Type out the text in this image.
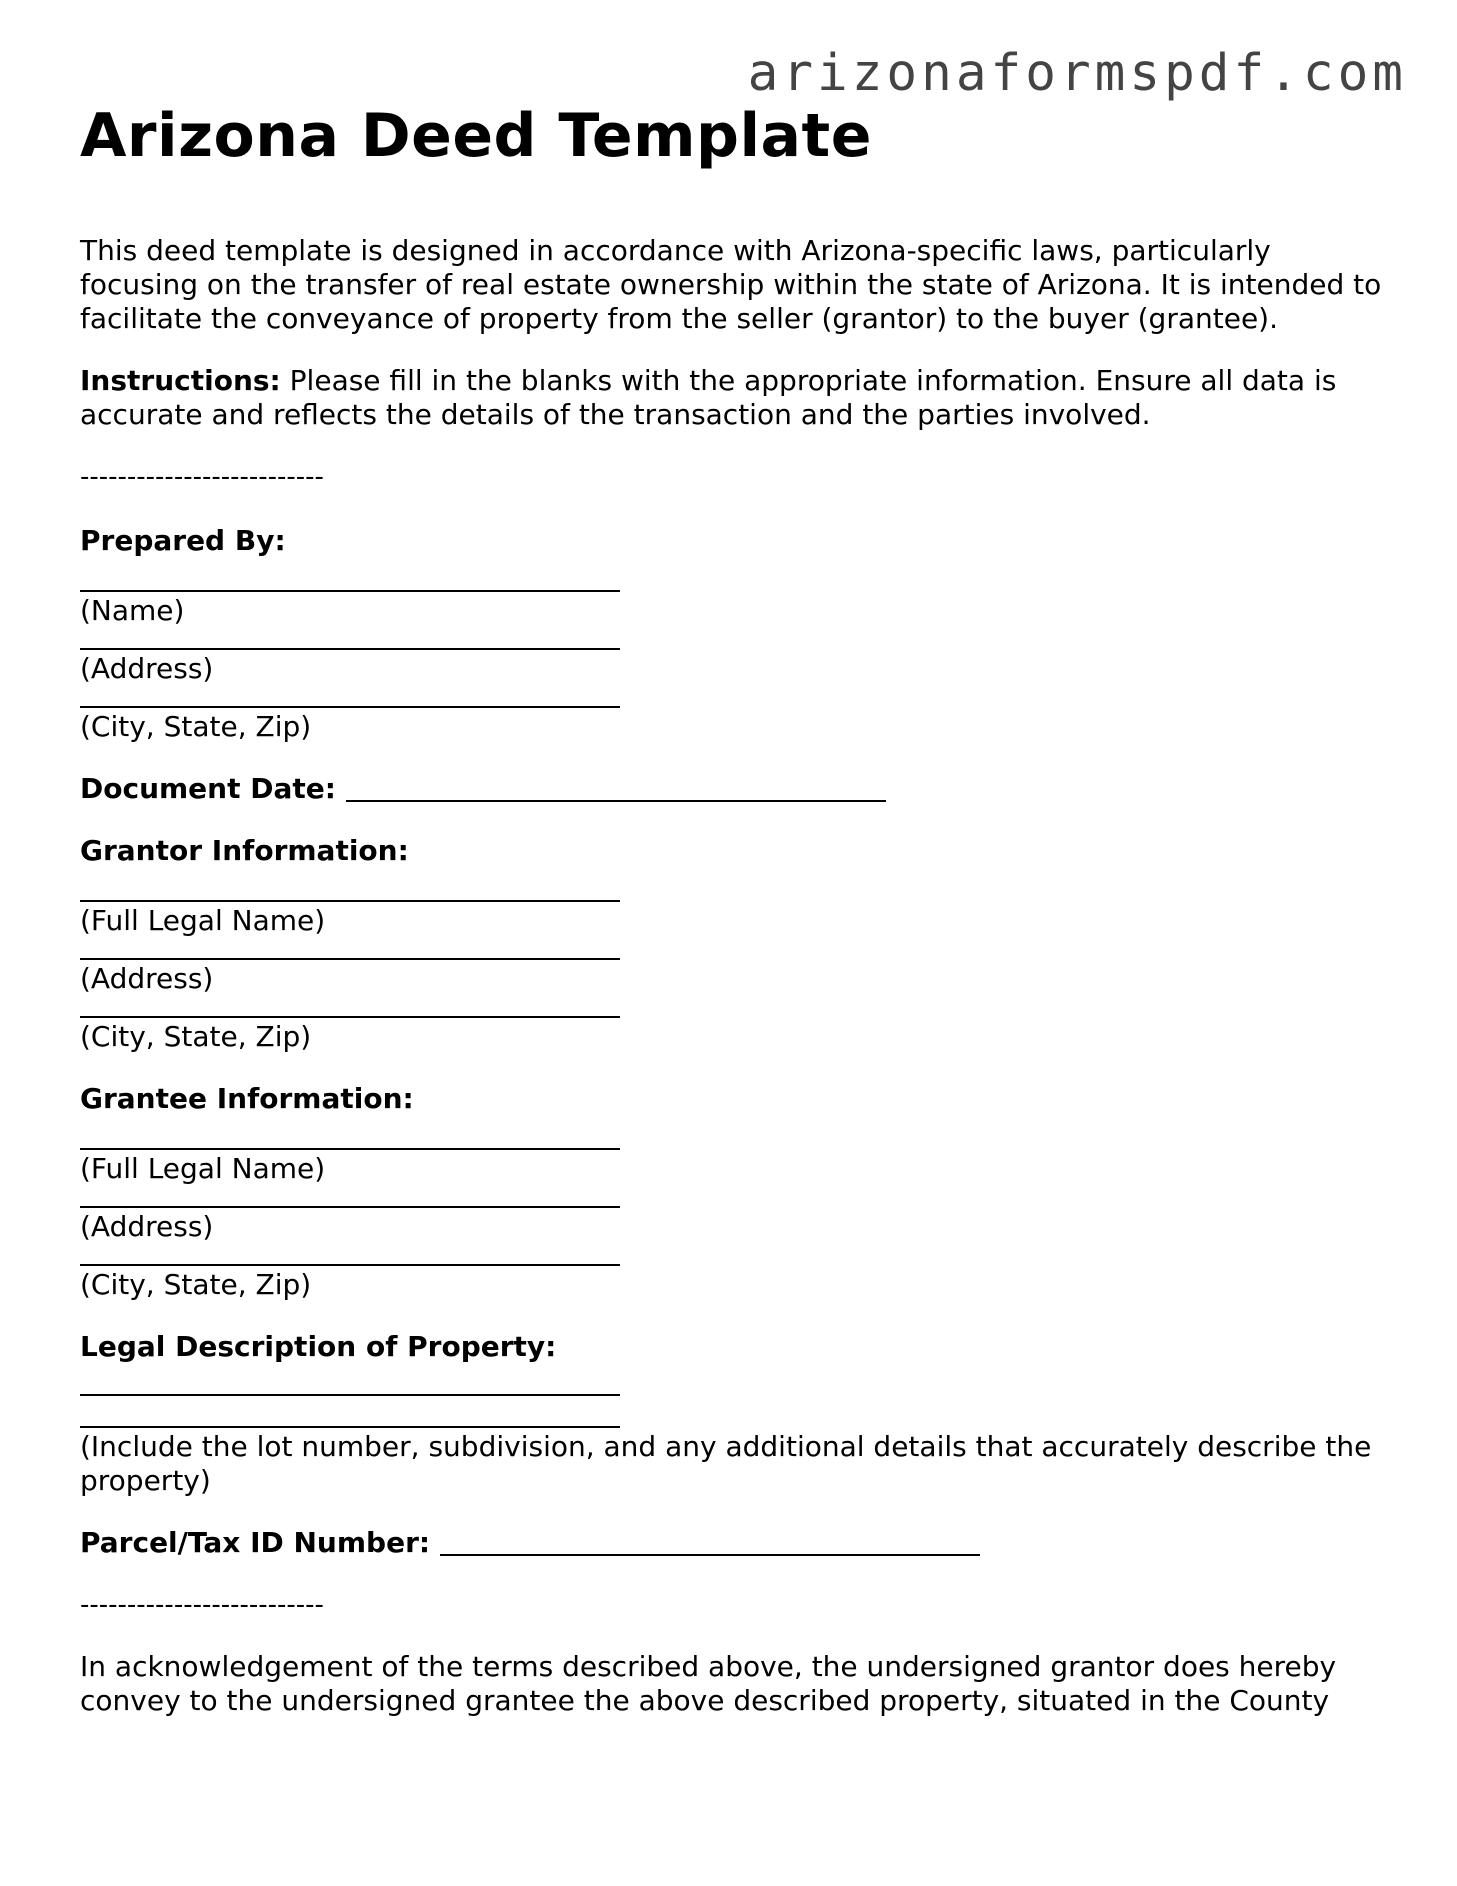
arizonaformspdf.com
Arizona Deed Template

This deed template is designed in accordance with Arizona-specific laws, particularly focusing on the transfer of real estate ownership within the state of Arizona. It is intended to facilitate the conveyance of property from the seller (grantor) to the buyer (grantee).

Instructions: Please fill in the blanks with the appropriate information. Ensure all data is accurate and reflects the details of the transaction and the parties involved.

--------------------------
Prepared By:
(Name)
(Address)
(City, State, Zip)
Document Date:
Grantor Information:
(Full Legal Name)
(Address)
(City, State, Zip)
Grantee Information:
(Full Legal Name)
(Address)
(City, State, Zip)
Legal Description of Property:
(Include the lot number, subdivision, and any additional details that accurately describe the property)
Parcel/Tax ID Number:
--------------------------

In acknowledgement of the terms described above, the undersigned grantor does hereby convey to the undersigned grantee the above described property, situated in the County
